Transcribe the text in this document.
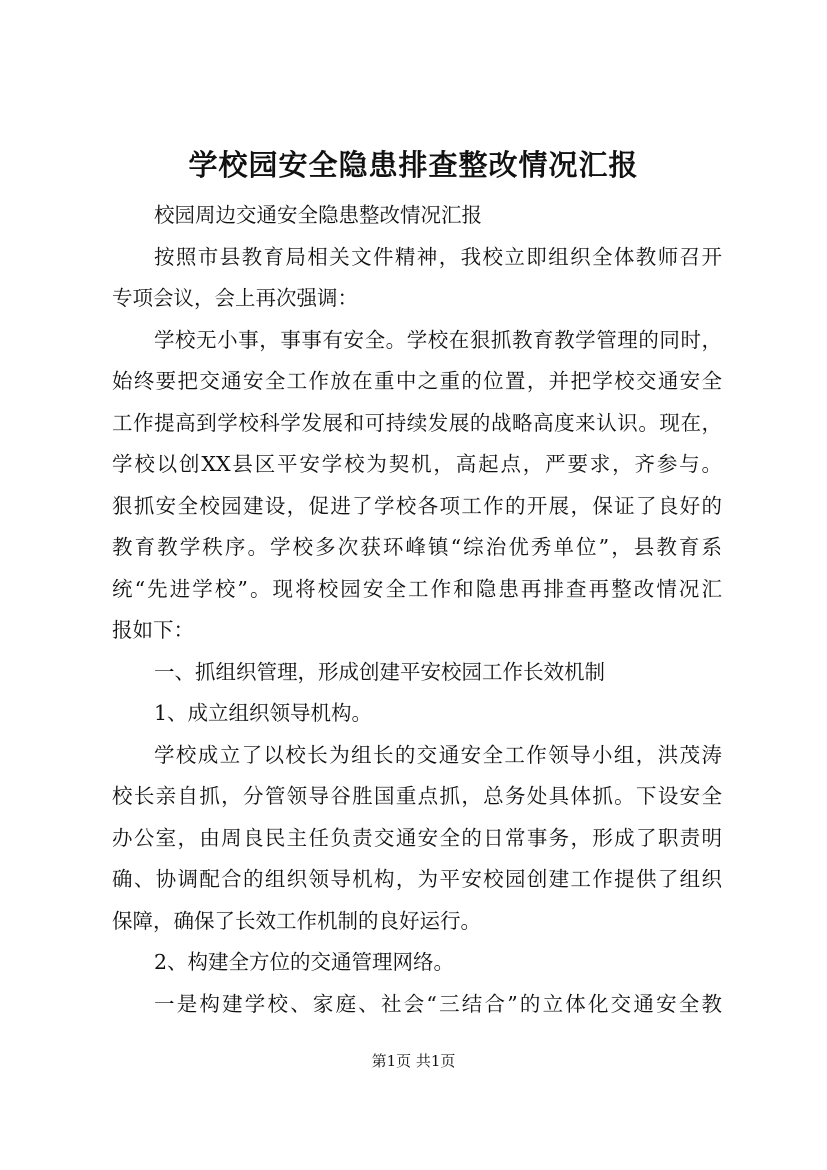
学校园安全隐患排查整改情况汇报
校园周边交通安全隐患整改情况汇报
按照市县教育局相关文件精神，我校立即组织全体教师召开
专项会议，会上再次强调：
学校无小事，事事有安全。学校在狠抓教育教学管理的同时，
始终要把交通安全工作放在重中之重的位置，并把学校交通安全
工作提高到学校科学发展和可持续发展的战略高度来认识。现在，
学校以创XX县区平安学校为契机，高起点，严要求，齐参与。
狠抓安全校园建设，促进了学校各项工作的开展，保证了良好的
教育教学秩序。学校多次获环峰镇“综治优秀单位”，县教育系
统“先进学校”。现将校园安全工作和隐患再排查再整改情况汇
报如下：
一、抓组织管理，形成创建平安校园工作长效机制
1、成立组织领导机构。
学校成立了以校长为组长的交通安全工作领导小组，洪茂涛
校长亲自抓，分管领导谷胜国重点抓，总务处具体抓。下设安全
办公室，由周良民主任负责交通安全的日常事务，形成了职责明
确、协调配合的组织领导机构，为平安校园创建工作提供了组织
保障，确保了长效工作机制的良好运行。
2、构建全方位的交通管理网络。
一是构建学校、家庭、社会“三结合”的立体化交通安全教
第1页 共1页
